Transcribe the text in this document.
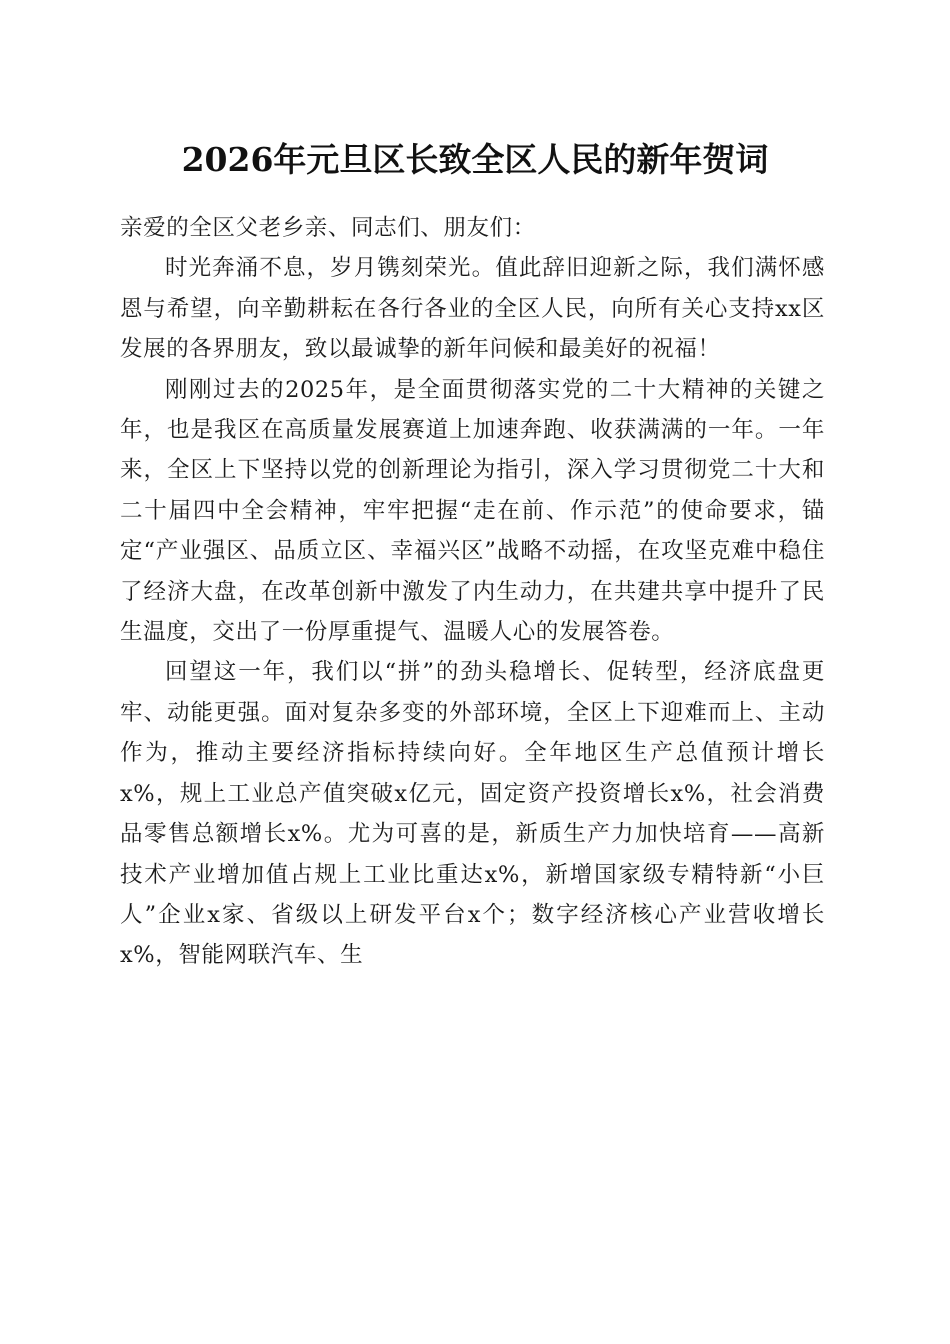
2026年元旦区长致全区人民的新年贺词

亲爱的全区父老乡亲、同志们、朋友们：

时光奔涌不息，岁月镌刻荣光。值此辞旧迎新之际，我们满怀感恩与希望，向辛勤耕耘在各行各业的全区人民，向所有关心支持xx区发展的各界朋友，致以最诚挚的新年问候和最美好的祝福！

刚刚过去的2025年，是全面贯彻落实党的二十大精神的关键之年，也是我区在高质量发展赛道上加速奔跑、收获满满的一年。一年来，全区上下坚持以党的创新理论为指引，深入学习贯彻党二十大和二十届四中全会精神，牢牢把握“走在前、作示范”的使命要求，锚定“产业强区、品质立区、幸福兴区”战略不动摇，在攻坚克难中稳住了经济大盘，在改革创新中激发了内生动力，在共建共享中提升了民生温度，交出了一份厚重提气、温暖人心的发展答卷。

回望这一年，我们以“拼”的劲头稳增长、促转型，经济底盘更牢、动能更强。面对复杂多变的外部环境，全区上下迎难而上、主动作为，推动主要经济指标持续向好。全年地区生产总值预计增长x%，规上工业总产值突破x亿元，固定资产投资增长x%，社会消费品零售总额增长x%。尤为可喜的是，新质生产力加快培育——高新技术产业增加值占规上工业比重达x%，新增国家级专精特新“小巨人”企业x家、省级以上研发平台x个；数字经济核心产业营收增长x%，智能网联汽车、生
